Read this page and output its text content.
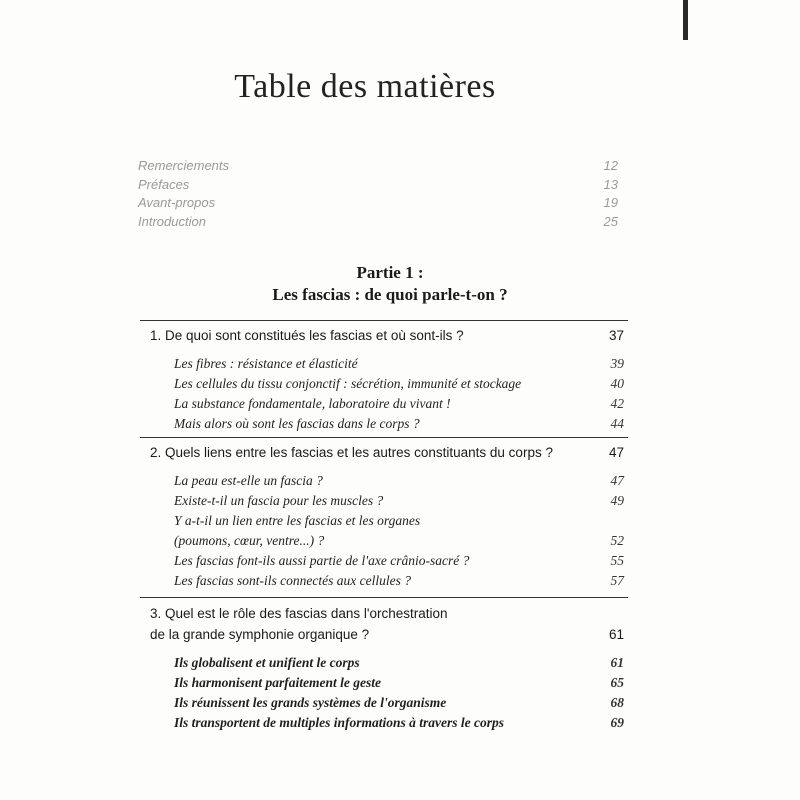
Table des matières
Remerciements	12
Préfaces	13
Avant-propos	19
Introduction	25
Partie 1 :
Les fascias : de quoi parle-t-on ?
1. De quoi sont constitués les fascias et où sont-ils ?	37
Les fibres : résistance et élasticité	39
Les cellules du tissu conjonctif : sécrétion, immunité et stockage	40
La substance fondamentale, laboratoire du vivant !	42
Mais alors où sont les fascias dans le corps ?	44
2. Quels liens entre les fascias et les autres constituants du corps ?	47
La peau est-elle un fascia ?	47
Existe-t-il un fascia pour les muscles ?	49
Y a-t-il un lien entre les fascias et les organes
(poumons, cœur, ventre...) ?	52
Les fascias font-ils aussi partie de l'axe crânio-sacré ?	55
Les fascias sont-ils connectés aux cellules ?	57
3. Quel est le rôle des fascias dans l'orchestration
de la grande symphonie organique ?	61
Ils globalisent et unifient le corps	61
Ils harmonisent parfaitement le geste	65
Ils réunissent les grands systèmes de l'organisme	68
Ils transportent de multiples informations à travers le corps	69
